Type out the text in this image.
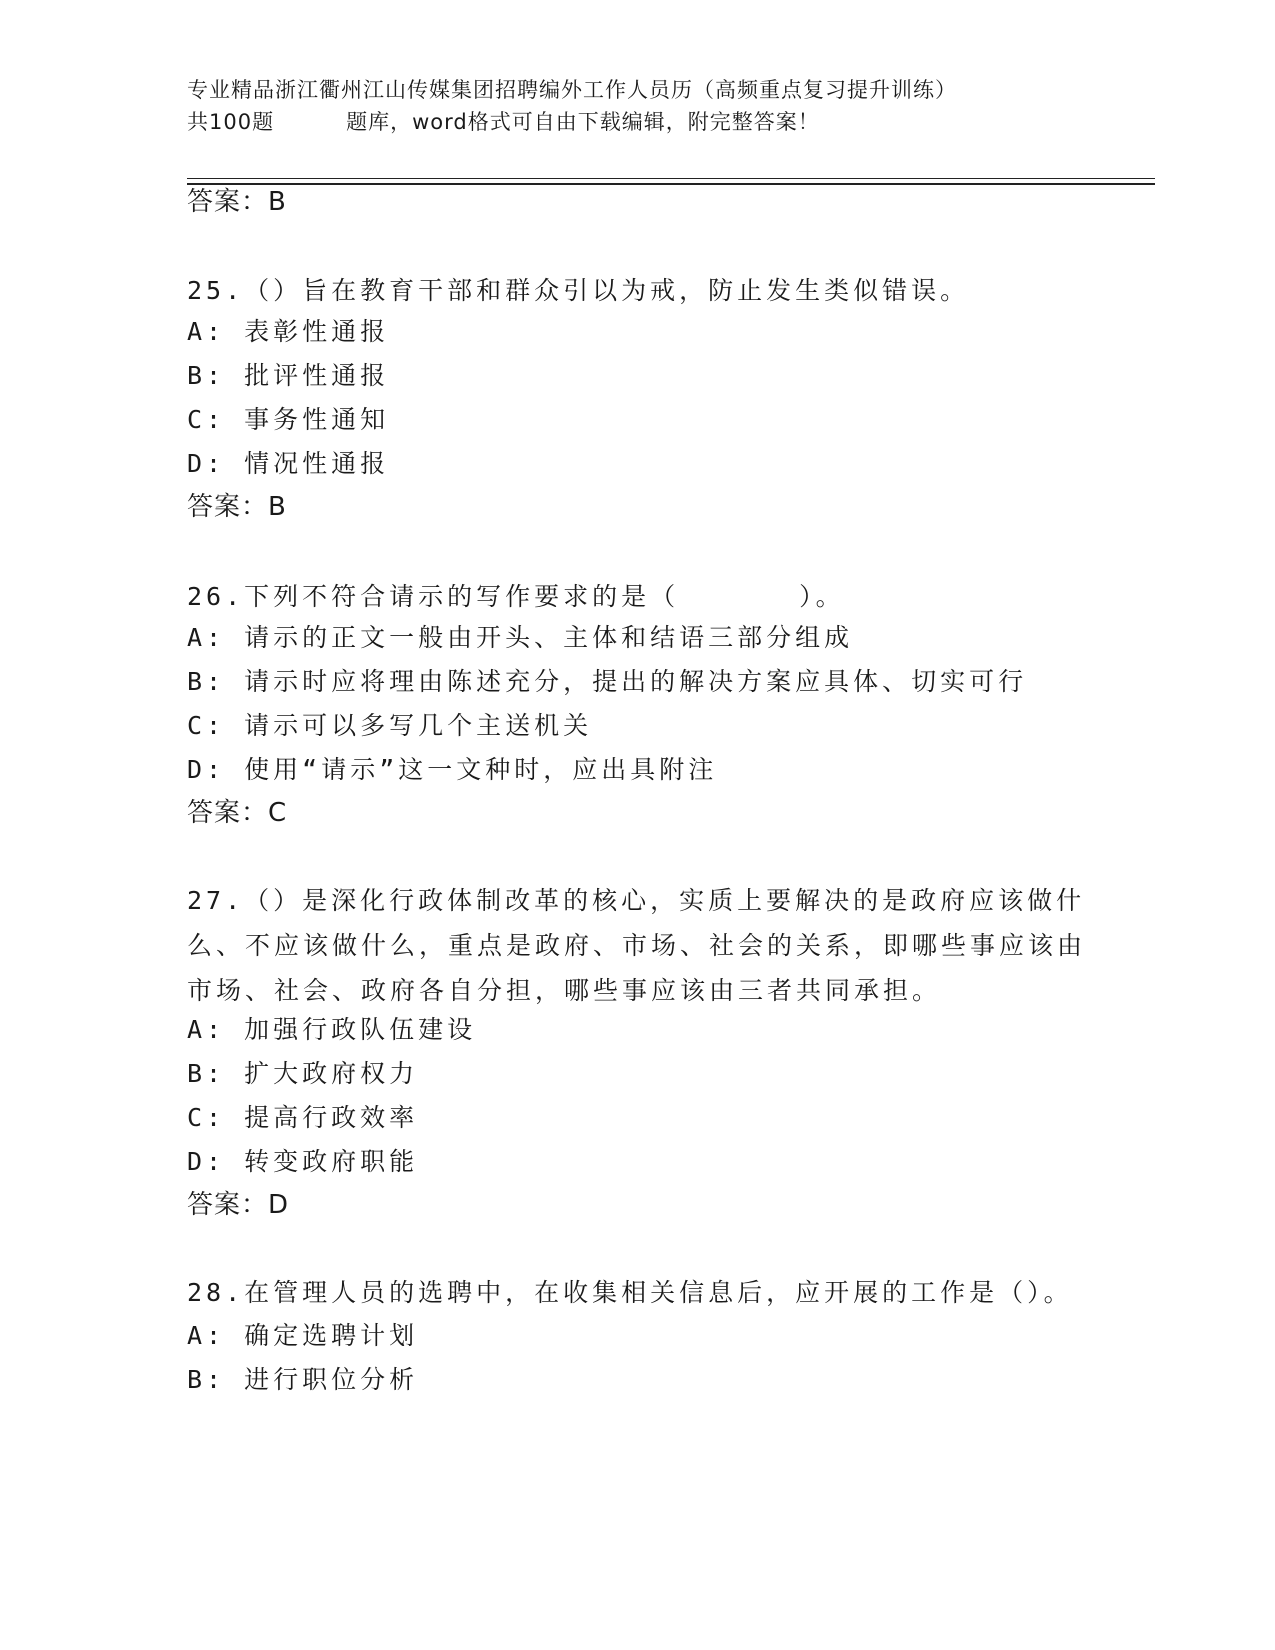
专业精品浙江衢州江山传媒集团招聘编外工作人员历（高频重点复习提升训练）
共100题	题库，word格式可自由下载编辑，附完整答案！
答案：B
25.（）旨在教育干部和群众引以为戒，防止发生类似错误。
A: 表彰性通报
B: 批评性通报
C: 事务性通知
D: 情况性通报
答案：B
26.下列不符合请示的写作要求的是（	）。
A: 请示的正文一般由开头、主体和结语三部分组成
B: 请示时应将理由陈述充分，提出的解决方案应具体、切实可行
C: 请示可以多写几个主送机关
D: 使用“请示”这一文种时，应出具附注
答案：C
27.（）是深化行政体制改革的核心，实质上要解决的是政府应该做什么、不应该做什么，重点是政府、市场、社会的关系，即哪些事应该由市场、社会、政府各自分担，哪些事应该由三者共同承担。
A: 加强行政队伍建设
B: 扩大政府权力
C: 提高行政效率
D: 转变政府职能
答案：D
28.在管理人员的选聘中，在收集相关信息后，应开展的工作是（）。
A: 确定选聘计划
B: 进行职位分析
